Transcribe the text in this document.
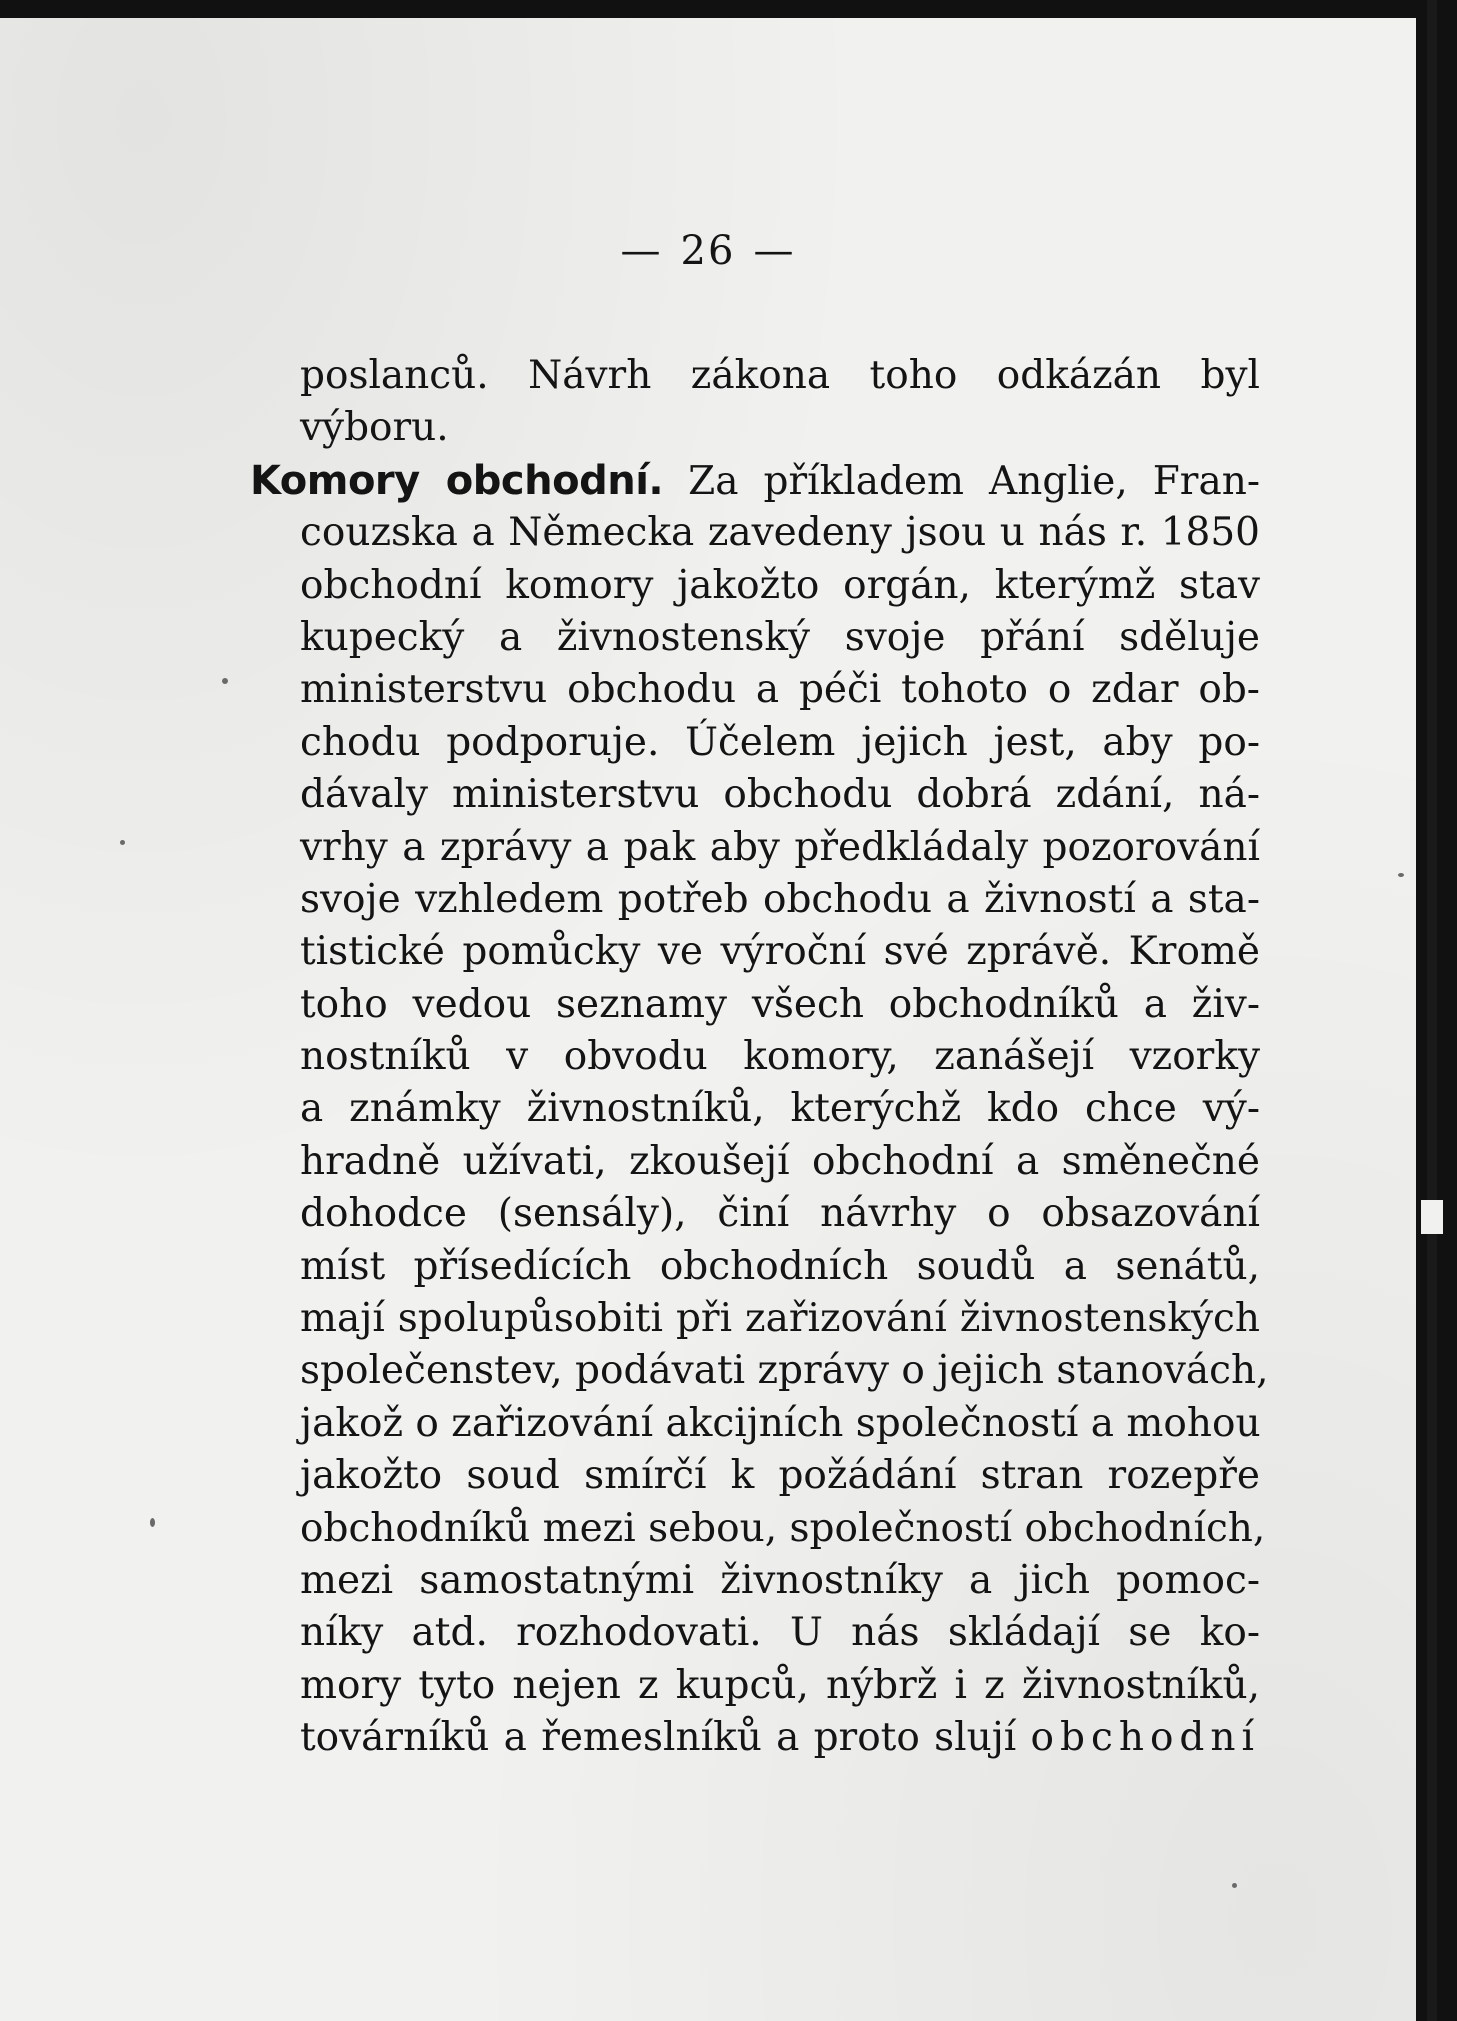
— 26 —
poslanců. Návrh zákona toho odkázán byl
výboru.
Komory obchodní. Za příkladem Anglie, Fran-
couzska a Německa zavedeny jsou u nás r. 1850
obchodní komory jakožto orgán, kterýmž stav
kupecký a živnostenský svoje přání sděluje
ministerstvu obchodu a péči tohoto o zdar ob-
chodu podporuje. Účelem jejich jest, aby po-
dávaly ministerstvu obchodu dobrá zdání, ná-
vrhy a zprávy a pak aby předkládaly pozorování
svoje vzhledem potřeb obchodu a živností a sta-
tistické pomůcky ve výroční své zprávě. Kromě
toho vedou seznamy všech obchodníků a živ-
nostníků v obvodu komory, zanášejí vzorky
a známky živnostníků, kterýchž kdo chce vý-
hradně užívati, zkoušejí obchodní a směnečné
dohodce (sensály), činí návrhy o obsazování
míst přísedících obchodních soudů a senátů,
mají spolupůsobiti při zařizování živnostenských
společenstev, podávati zprávy o jejich stanovách,
jakož o zařizování akcijních společností a mohou
jakožto soud smírčí k požádání stran rozepře
obchodníků mezi sebou, společností obchodních,
mezi samostatnými živnostníky a jich pomoc-
níky atd. rozhodovati. U nás skládají se ko-
mory tyto nejen z kupců, nýbrž i z živnostníků,
továrníků a řemeslníků a proto slují obchodní
